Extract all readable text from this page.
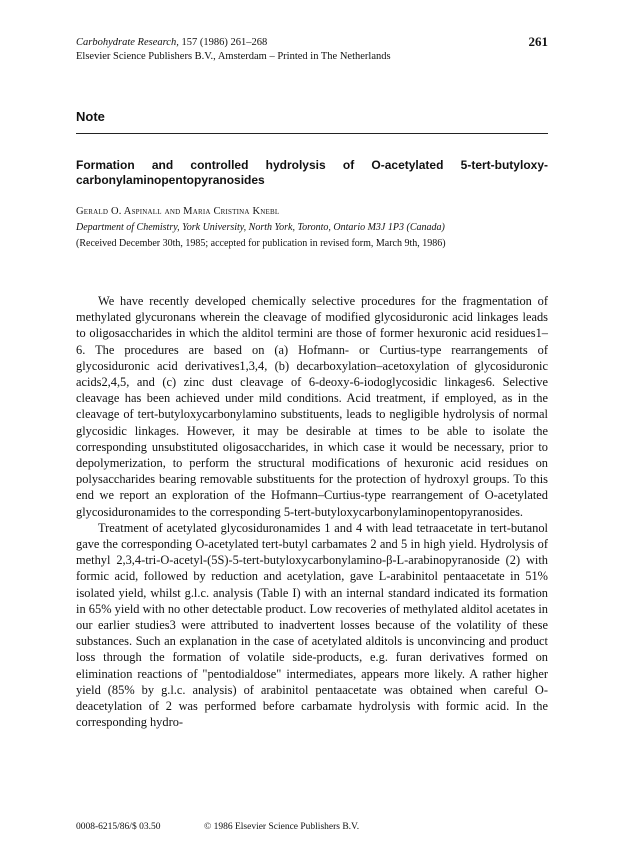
Carbohydrate Research, 157 (1986) 261–268
Elsevier Science Publishers B.V., Amsterdam – Printed in The Netherlands
261
Note
Formation and controlled hydrolysis of O-acetylated 5-tert-butyloxy-carbonylaminopentopyranosides
Gerald O. Aspinall and Maria Cristina Knebl
Department of Chemistry, York University, North York, Toronto, Ontario M3J 1P3 (Canada)
(Received December 30th, 1985; accepted for publication in revised form, March 9th, 1986)

We have recently developed chemically selective procedures for the fragmentation of methylated glycuronans wherein the cleavage of modified glycosiduronic acid linkages leads to oligosaccharides in which the alditol termini are those of former hexuronic acid residues1–6. The procedures are based on (a) Hofmann- or Curtius-type rearrangements of glycosiduronic acid derivatives1,3,4, (b) decarboxylation–acetoxylation of glycosiduronic acids2,4,5, and (c) zinc dust cleavage of 6-deoxy-6-iodoglycosidic linkages6. Selective cleavage has been achieved under mild conditions. Acid treatment, if employed, as in the cleavage of tert-butyloxycarbonylamino substituents, leads to negligible hydrolysis of normal glycosidic linkages. However, it may be desirable at times to be able to isolate the corresponding unsubstituted oligosaccharides, in which case it would be necessary, prior to depolymerization, to perform the structural modifications of hexuronic acid residues on polysaccharides bearing removable substituents for the protection of hydroxyl groups. To this end we report an exploration of the Hofmann–Curtius-type rearrangement of O-acetylated glycosiduronamides to the corresponding 5-tert-butyloxycarbonylaminopentopyranosides.

Treatment of acetylated glycosiduronamides 1 and 4 with lead tetraacetate in tert-butanol gave the corresponding O-acetylated tert-butyl carbamates 2 and 5 in high yield. Hydrolysis of methyl 2,3,4-tri-O-acetyl-(5S)-5-tert-butyloxycarbonylamino-β-L-arabinopyranoside (2) with formic acid, followed by reduction and acetylation, gave L-arabinitol pentaacetate in 51% isolated yield, whilst g.l.c. analysis (Table I) with an internal standard indicated its formation in 65% yield with no other detectable product. Low recoveries of methylated alditol acetates in our earlier studies3 were attributed to inadvertent losses because of the volatility of these substances. Such an explanation in the case of acetylated alditols is unconvincing and product loss through the formation of volatile side-products, e.g. furan derivatives formed on elimination reactions of "pentodialdose" intermediates, appears more likely. A rather higher yield (85% by g.l.c. analysis) of arabinitol pentaacetate was obtained when careful O-deacetylation of 2 was performed before carbamate hydrolysis with formic acid. In the corresponding hydro-

0008-6215/86/$ 03.50	© 1986 Elsevier Science Publishers B.V.
